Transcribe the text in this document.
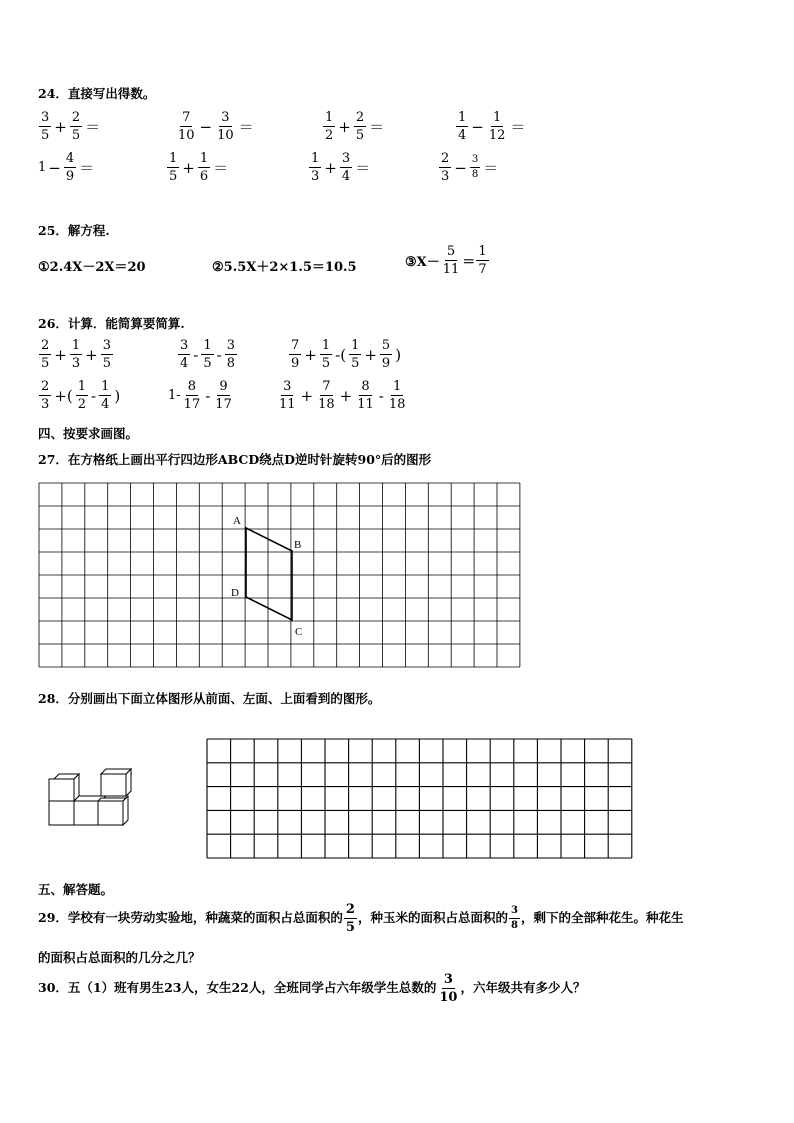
24．直接写出得数。
$\frac{3}{5} + \frac{2}{5}$ ＝	$\frac{7}{10} - \frac{3}{10}$ ＝	$\frac{1}{2} + \frac{2}{5}$ ＝	$\frac{1}{4} - \frac{1}{12}$ ＝
$1 - \frac{4}{9}$ ＝	$\frac{1}{5} + \frac{1}{6}$ ＝	$\frac{1}{3} + \frac{3}{4}$ ＝	$\frac{2}{3} - \frac{3}{8}$ ＝
25．解方程.
①2.4X－2X＝20	②5.5X＋2×1.5＝10.5	③X－ $\frac{5}{11} = \frac{1}{7}$
26．计算．能简算要简算.
$\frac{2}{5} + \frac{1}{3} + \frac{3}{5}$	$\frac{3}{4} - \frac{1}{5} - \frac{3}{8}$	$\frac{7}{9} + \frac{1}{5}$ -( $\frac{1}{5} + \frac{5}{9}$ )
$\frac{2}{3}$ +( $\frac{1}{2} - \frac{1}{4}$ )	$1- \frac{8}{17} - \frac{9}{17}$	$\frac{3}{11} + \frac{7}{18} + \frac{8}{11} - \frac{1}{18}$
四、按要求画图。
27．在方格纸上画出平行四边形ABCD绕点D逆时针旋转90°后的图形
A
B
D
C
28．分别画出下面立体图形从前面、左面、上面看到的图形。
五、解答题。
29．学校有一块劳动实验地，种蔬菜的面积占总面积的 $\frac{2}{5}$ ，种玉米的面积占总面积的 $\frac{3}{8}$ ，剩下的全部种花生。种花生
的面积占总面积的几分之几？
30．五（1）班有男生23人，女生22人，全班同学占六年级学生总数的 $\frac{3}{10}$ ，六年级共有多少人？
